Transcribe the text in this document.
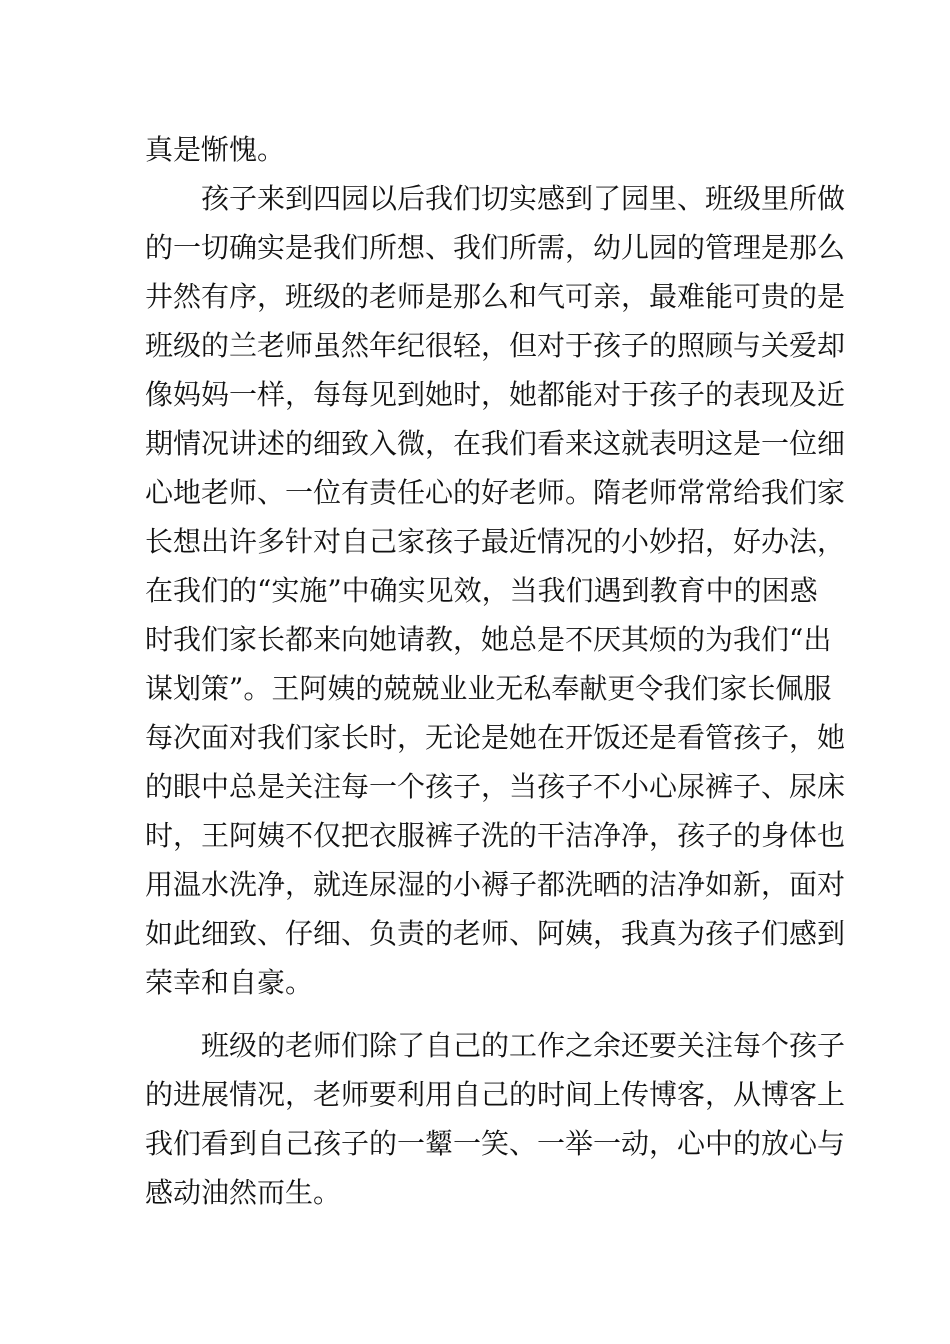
真是惭愧。
孩子来到四园以后我们切实感到了园里、班级里所做
的一切确实是我们所想、我们所需，幼儿园的管理是那么
井然有序，班级的老师是那么和气可亲，最难能可贵的是
班级的兰老师虽然年纪很轻，但对于孩子的照顾与关爱却
像妈妈一样，每每见到她时，她都能对于孩子的表现及近
期情况讲述的细致入微，在我们看来这就表明这是一位细
心地老师、一位有责任心的好老师。隋老师常常给我们家
长想出许多针对自己家孩子最近情况的小妙招，好办法，
在我们的“实施”中确实见效，当我们遇到教育中的困惑
时我们家长都来向她请教，她总是不厌其烦的为我们“出
谋划策”。王阿姨的兢兢业业无私奉献更令我们家长佩服
每次面对我们家长时，无论是她在开饭还是看管孩子，她
的眼中总是关注每一个孩子，当孩子不小心尿裤子、尿床
时，王阿姨不仅把衣服裤子洗的干洁净净，孩子的身体也
用温水洗净，就连尿湿的小褥子都洗晒的洁净如新，面对
如此细致、仔细、负责的老师、阿姨，我真为孩子们感到
荣幸和自豪。
班级的老师们除了自己的工作之余还要关注每个孩子
的进展情况，老师要利用自己的时间上传博客，从博客上
我们看到自己孩子的一颦一笑、一举一动，心中的放心与
感动油然而生。
